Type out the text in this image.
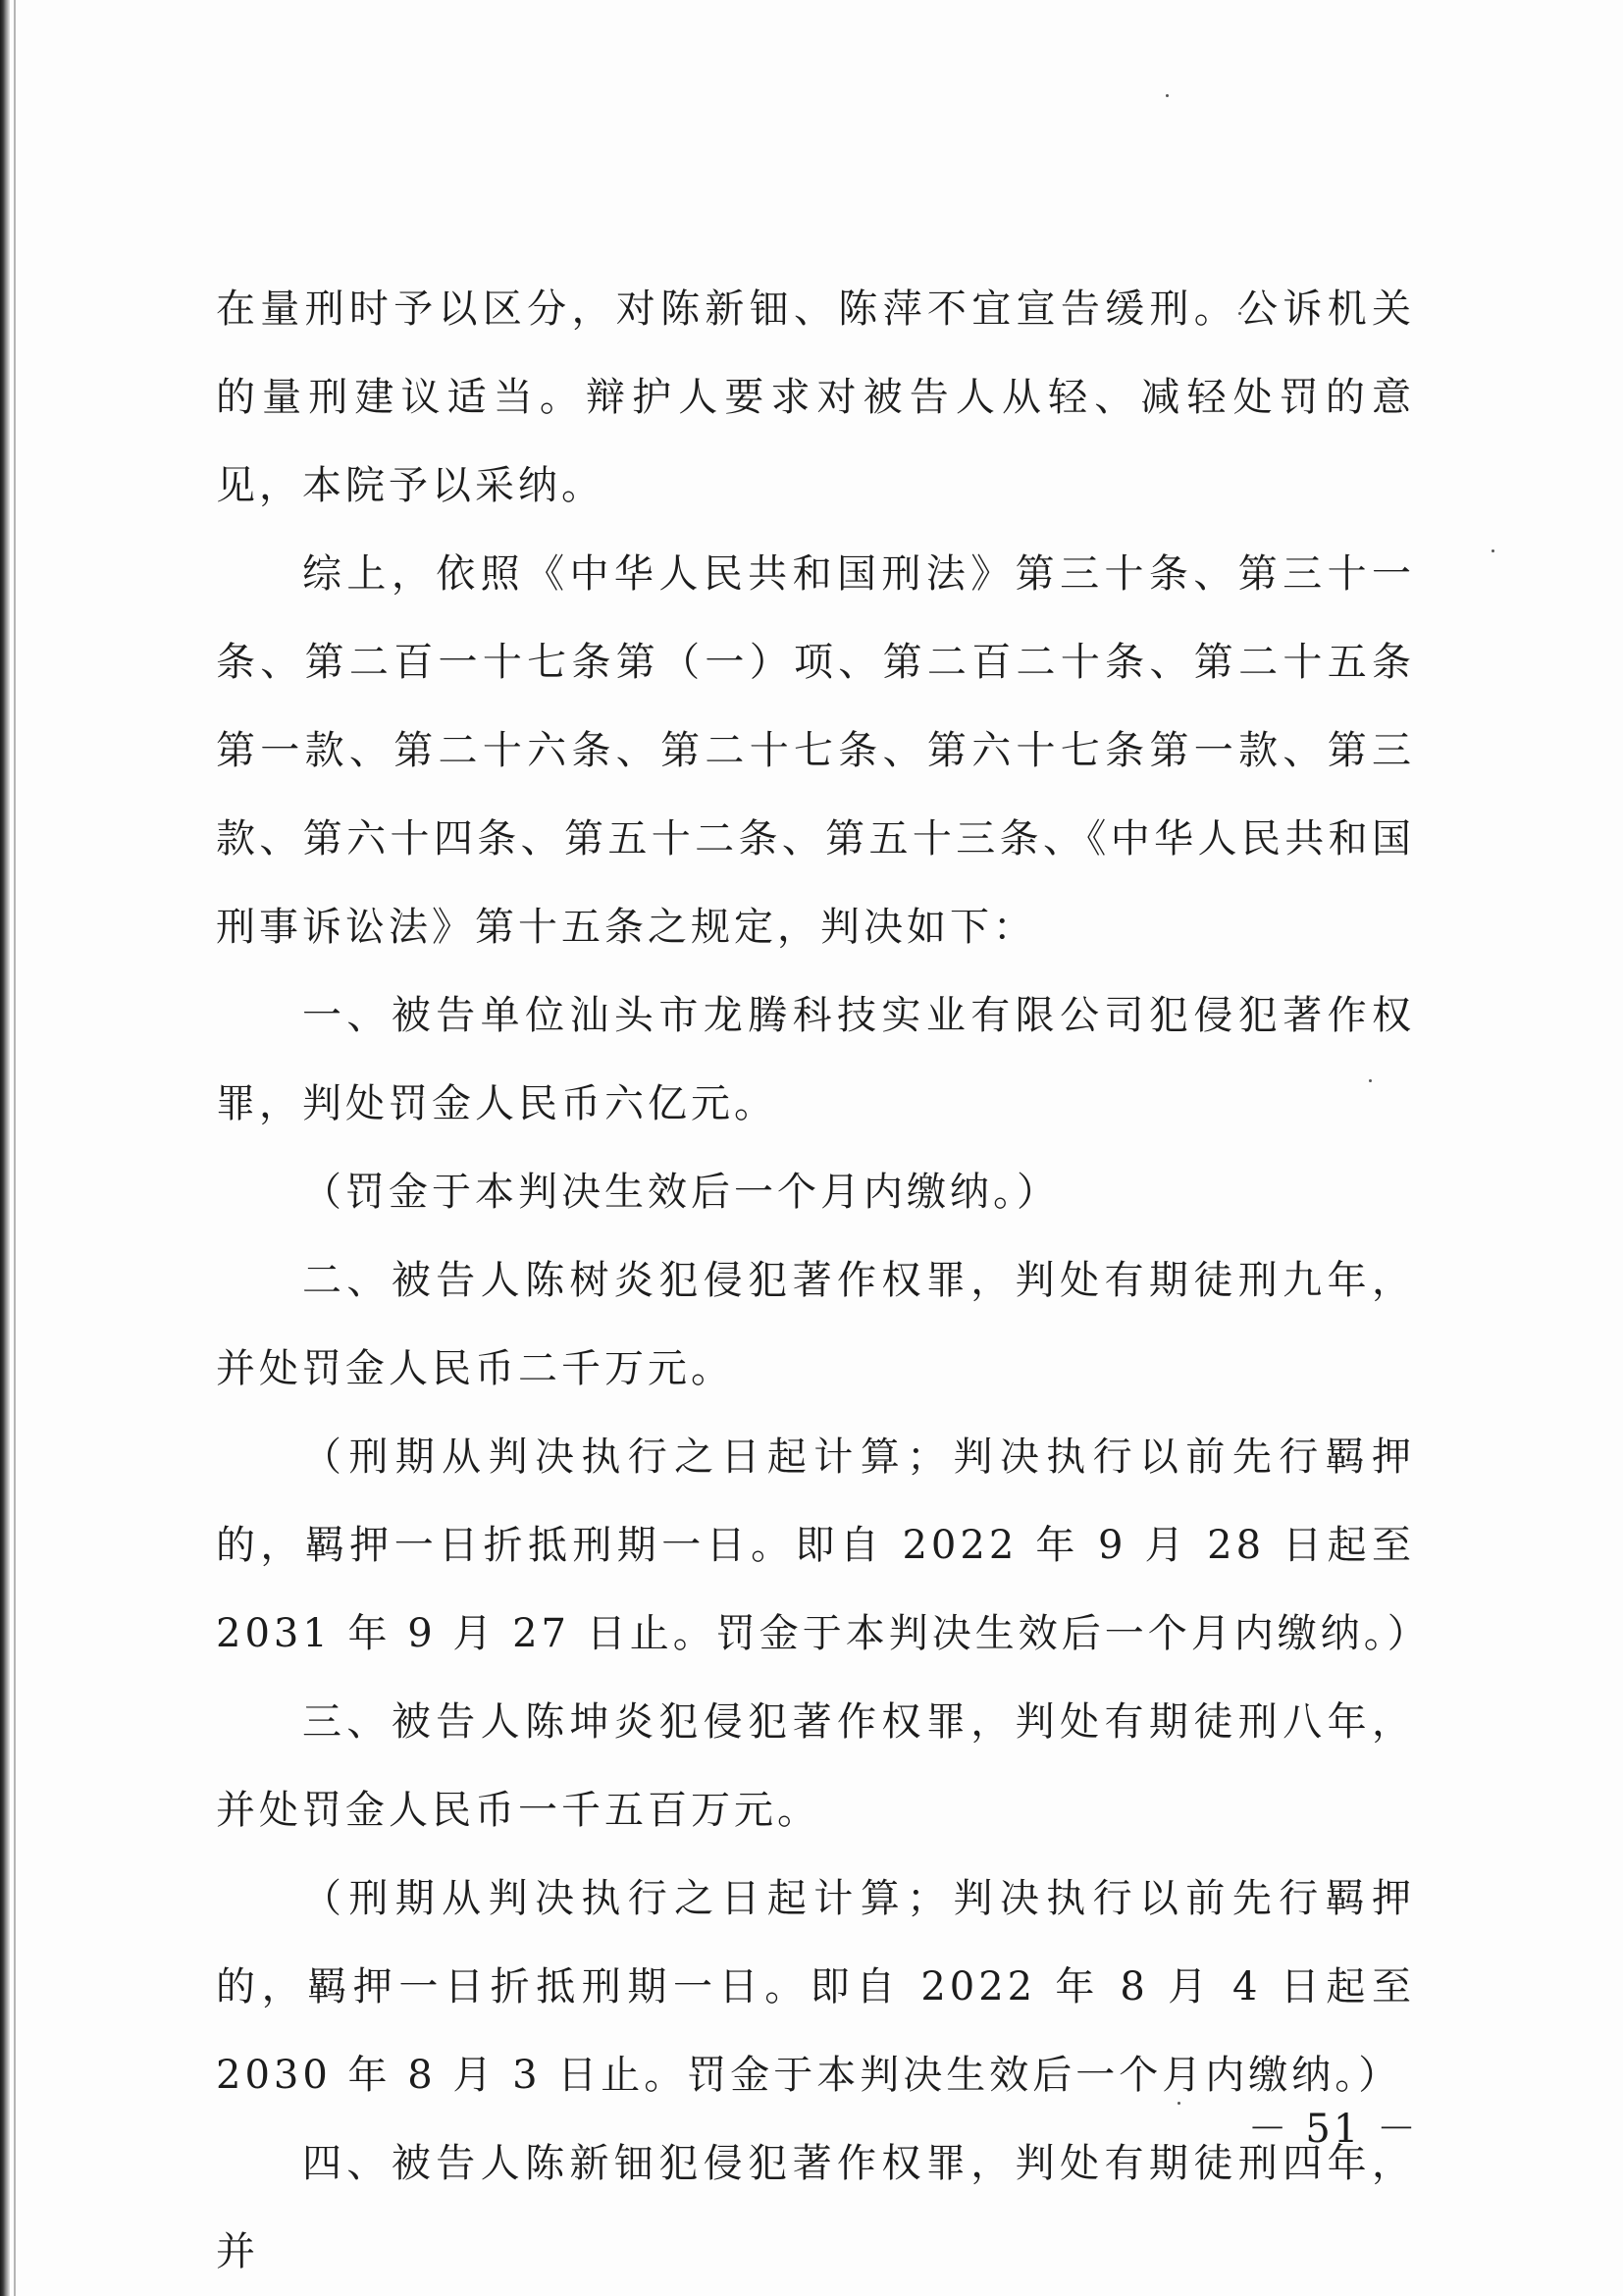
在量刑时予以区分，对陈新钿、陈萍不宜宣告缓刑。公诉机关的量刑建议适当。辩护人要求对被告人从轻、减轻处罚的意见，本院予以采纳。

综上，依照《中华人民共和国刑法》第三十条、第三十一条、第二百一十七条第（一）项、第二百二十条、第二十五条第一款、第二十六条、第二十七条、第六十七条第一款、第三款、第六十四条、第五十二条、第五十三条、《中华人民共和国刑事诉讼法》第十五条之规定，判决如下：

一、被告单位汕头市龙腾科技实业有限公司犯侵犯著作权罪，判处罚金人民币六亿元。

（罚金于本判决生效后一个月内缴纳。）

二、被告人陈树炎犯侵犯著作权罪，判处有期徒刑九年，并处罚金人民币二千万元。

（刑期从判决执行之日起计算；判决执行以前先行羁押的，羁押一日折抵刑期一日。即自 2022 年 9 月 28 日起至 2031 年 9 月 27 日止。罚金于本判决生效后一个月内缴纳。）

三、被告人陈坤炎犯侵犯著作权罪，判处有期徒刑八年，并处罚金人民币一千五百万元。

（刑期从判决执行之日起计算；判决执行以前先行羁押的，羁押一日折抵刑期一日。即自 2022 年 8 月 4 日起至 2030 年 8 月 3 日止。罚金于本判决生效后一个月内缴纳。）

四、被告人陈新钿犯侵犯著作权罪，判处有期徒刑四年，并

－ 51 －
